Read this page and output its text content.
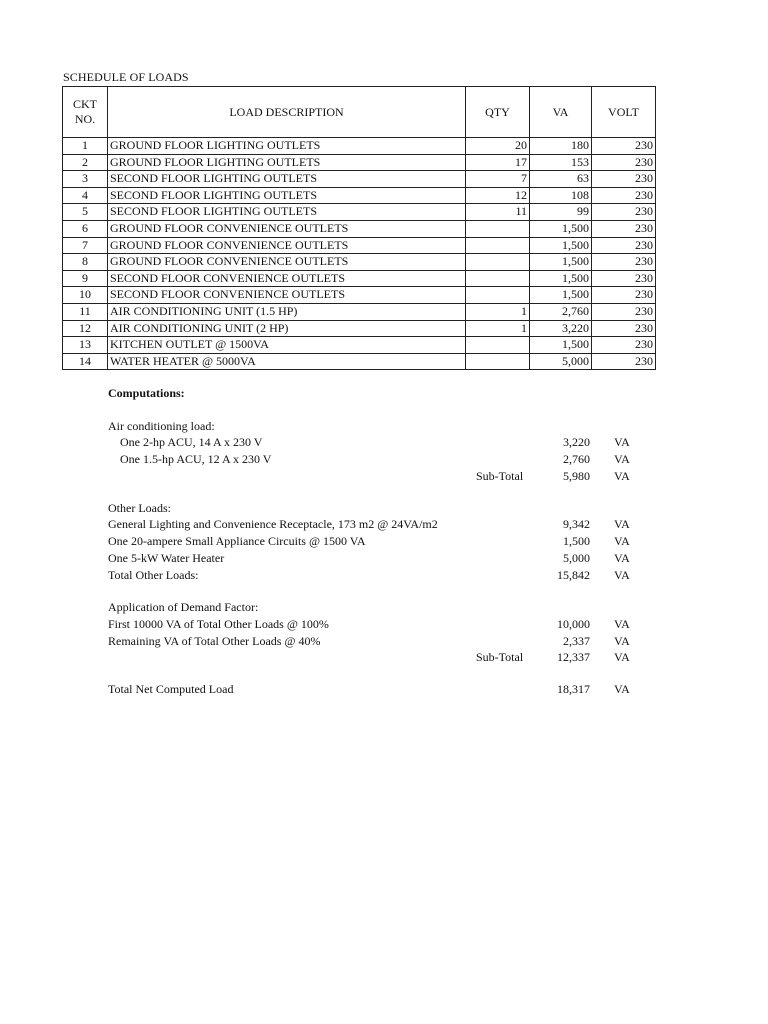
SCHEDULE OF LOADS
CKT NO.	LOAD DESCRIPTION	QTY	VA	VOLT
1	GROUND FLOOR LIGHTING OUTLETS	20	180	230
2	GROUND FLOOR LIGHTING OUTLETS	17	153	230
3	SECOND FLOOR LIGHTING OUTLETS	7	63	230
4	SECOND FLOOR LIGHTING OUTLETS	12	108	230
5	SECOND FLOOR LIGHTING OUTLETS	11	99	230
6	GROUND FLOOR CONVENIENCE OUTLETS		1,500	230
7	GROUND FLOOR CONVENIENCE OUTLETS		1,500	230
8	GROUND FLOOR CONVENIENCE OUTLETS		1,500	230
9	SECOND FLOOR CONVENIENCE OUTLETS		1,500	230
10	SECOND FLOOR CONVENIENCE OUTLETS		1,500	230
11	AIR CONDITIONING UNIT (1.5 HP)	1	2,760	230
12	AIR CONDITIONING UNIT (2 HP)	1	3,220	230
13	KITCHEN OUTLET @ 1500VA		1,500	230
14	WATER HEATER @ 5000VA		5,000	230
Computations:
Air conditioning load:
One 2-hp ACU, 14 A x 230 V	3,220 VA
One 1.5-hp ACU, 12 A x 230 V	2,760 VA
Sub-Total	5,980 VA
Other Loads:
General Lighting and Convenience Receptacle, 173 m2 @ 24VA/m2	9,342 VA
One 20-ampere Small Appliance Circuits @ 1500 VA	1,500 VA
One 5-kW Water Heater	5,000 VA
Total Other Loads:	15,842 VA
Application of Demand Factor:
First 10000 VA of Total Other Loads @ 100%	10,000 VA
Remaining VA of Total Other Loads @ 40%	2,337 VA
Sub-Total	12,337 VA
Total Net Computed Load	18,317 VA
